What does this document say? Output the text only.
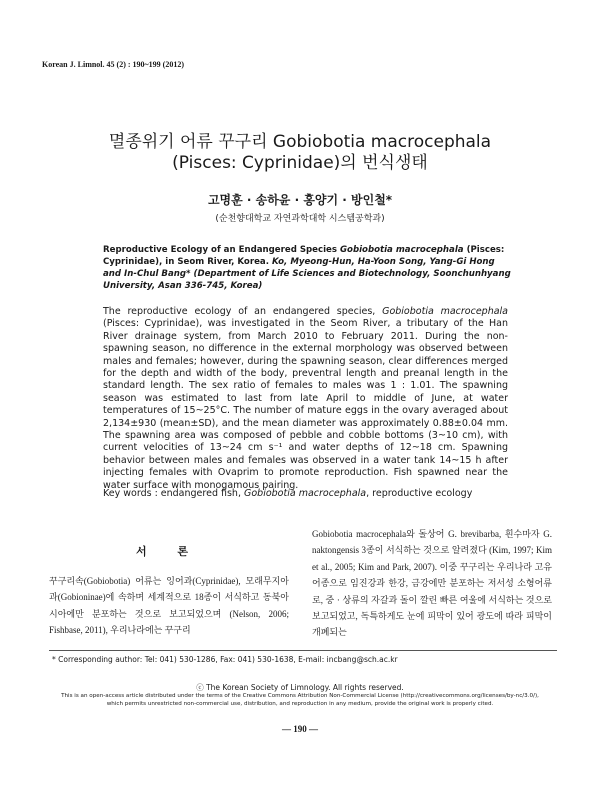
Korean J. Limnol. 45 (2) : 190~199 (2012)
멸종위기 어류 꾸구리 Gobiobotia macrocephala
(Pisces: Cyprinidae)의 번식생태
고명훈 · 송하윤 · 홍양기 · 방인철*
(순천향대학교 자연과학대학 시스템공학과)
Reproductive Ecology of an Endangered Species Gobiobotia macrocephala (Pisces: Cyprinidae), in Seom River, Korea. Ko, Myeong-Hun, Ha-Yoon Song, Yang-Gi Hong and In-Chul Bang* (Department of Life Sciences and Biotechnology, Soonchunhyang University, Asan 336-745, Korea)
The reproductive ecology of an endangered species, Gobiobotia macrocephala (Pisces: Cyprinidae), was investigated in the Seom River, a tributary of the Han River drainage system, from March 2010 to February 2011. During the non-spawning season, no difference in the external morphology was observed between males and females; however, during the spawning season, clear differences merged for the depth and width of the body, preventral length and preanal length in the standard length. The sex ratio of females to males was 1 : 1.01. The spawning season was estimated to last from late April to middle of June, at water temperatures of 15~25°C. The number of mature eggs in the ovary averaged about 2,134±930 (mean±SD), and the mean diameter was approximately 0.88±0.04 mm. The spawning area was composed of pebble and cobble bottoms (3~10 cm), with current velocities of 13~24 cm s⁻¹ and water depths of 12~18 cm. Spawning behavior between males and females was observed in a water tank 14~15 h after injecting females with Ovaprim to promote reproduction. Fish spawned near the water surface with monogamous pairing.
Key words : endangered fish, Gobiobotia macrocephala, reproductive ecology
서 론
꾸구리속(Gobiobotia) 어류는 잉어과(Cyprinidae), 모래무지아과(Gobioninae)에 속하며 세계적으로 18종이 서식하고 동북아시아에만 분포하는 것으로 보고되었으며 (Nelson, 2006; Fishbase, 2011), 우리나라에는 꾸구리
Gobiobotia macrocephala와 돌상어 G. brevibarba, 흰수마자 G. naktongensis 3종이 서식하는 것으로 알려졌다 (Kim, 1997; Kim et al., 2005; Kim and Park, 2007). 이중 꾸구리는 우리나라 고유어종으로 임진강과 한강, 금강에만 분포하는 저서성 소형어류로, 중 · 상류의 자갈과 돌이 깔린 빠른 여울에 서식하는 것으로 보고되었고, 독특하게도 눈에 피막이 있어 광도에 따라 피막이 개폐되는
* Corresponding author: Tel: 041) 530-1286, Fax: 041) 530-1638, E-mail: incbang@sch.ac.kr
ⓒ The Korean Society of Limnology. All rights reserved.
This is an open-access article distributed under the terms of the Creative Commons Attribution Non-Commercial License (http://creativecommons.org/licenses/by-nc/3.0/),
which permits unrestricted non-commercial use, distribution, and reproduction in any medium, provide the original work is properly cited.
— 190 —
